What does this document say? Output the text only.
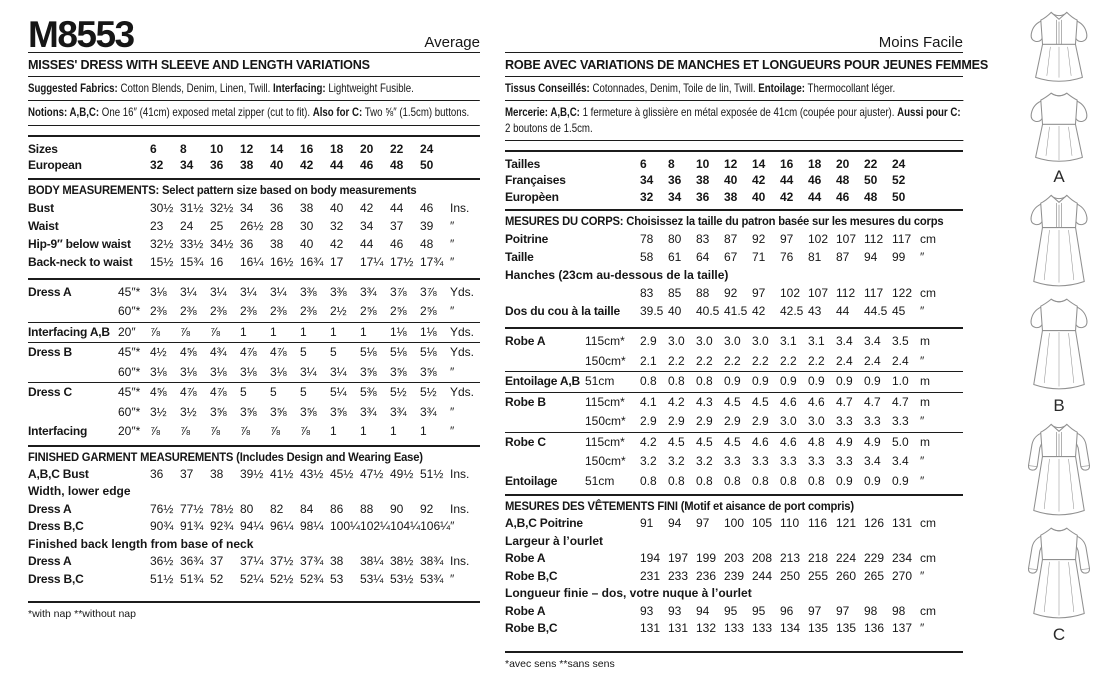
M8553	Average
MISSES' DRESS WITH SLEEVE AND LENGTH VARIATIONS
Suggested Fabrics: Cotton Blends, Denim, Linen, Twill. Interfacing: Lightweight Fusible.
Notions: A,B,C: One 16″ (41cm) exposed metal zipper (cut to fit). Also for C: Two ⅝″ (1.5cm) buttons.
Sizes	6	8	10	12	14	16	18	20	22	24
European	32	34	36	38	40	42	44	46	48	50
BODY MEASUREMENTS: Select pattern size based on body measurements
Bust	30½ 31½ 32½ 34	36	38	40	42	44	46	Ins.
Waist	23	24	25	26½ 28	30	32	34	37	39	″
Hip-9″ below waist	32½ 33½ 34½ 36	38	40	42	44	46	48	″
Back-neck to waist	15½ 15¾ 16	16¼ 16½ 16¾ 17	17¼ 17½ 17¾ ″
Dress A	45″* 3⅛	3¼	3¼	3¼	3¼	3⅜	3⅜	3¾	3⅞	3⅞	Yds.
60″* 2⅜	2⅜	2⅜	2⅜	2⅜	2⅜	2½	2⅝	2⅝	2⅝	″
Interfacing A,B 20″	⅞	⅞	⅞	1	1	1	1	1	1⅛	1⅛	Yds.
Dress B	45″* 4½	4⅝	4¾	4⅞	4⅞	5	5	5⅛	5⅛	5⅛	Yds.
60″* 3⅛	3⅛	3⅛	3⅛	3⅛	3¼	3¼	3⅝	3⅝	3⅝	″
Dress C	45″* 4⅝	4⅞	4⅞	5	5	5	5¼	5⅜	5½	5½	Yds.
60″* 3½	3½	3⅝	3⅝	3⅝	3⅝	3⅝	3¾	3¾	3¾	″
Interfacing	20″* ⅞	⅞	⅞	⅞	⅞	⅞	1	1	1	1	″
FINISHED GARMENT MEASUREMENTS (Includes Design and Wearing Ease)
A,B,C Bust	36	37	38	39½ 41½ 43½ 45½ 47½ 49½ 51½ Ins.
Width, lower edge
Dress A	76½ 77½ 78½ 80	82	84	86	88	90	92	Ins.
Dress B,C	90¾ 91¾ 92¾ 94¼ 96¼ 98¼ 100¼ 102¼ 104¼ 106¼ ″
Finished back length from base of neck
Dress A	36½ 36¾ 37	37¼ 37½ 37¾ 38	38¼ 38½ 38¾ Ins.
Dress B,C	51½ 51¾ 52	52¼ 52½ 52¾ 53	53¼ 53½ 53¾ ″
*with nap **without nap
Moins Facile
ROBE AVEC VARIATIONS DE MANCHES ET LONGUEURS POUR JEUNES FEMMES
Tissus Conseillés: Cotonnades, Denim, Toile de lin, Twill. Entoilage: Thermocollant léger.
Mercerie: A,B,C: 1 fermeture à glissière en métal exposée de 41cm (coupée pour ajuster). Aussi pour C: 2 boutons de 1.5cm.
Tailles	6	8	10	12	14	16	18	20	22	24
Françaises	34	36	38	40	42	44	46	48	50	52
Europèen	32	34	36	38	40	42	44	46	48	50
MESURES DU CORPS: Choisissez la taille du patron basée sur les mesures du corps
Poitrine	78	80	83	87	92	97	102 107 112 117 cm
Taille	58	61	64	67	71	76	81	87	94	99	″
Hanches (23cm au-dessous de la taille)
83	85	88	92	97	102 107 112 117 122 cm
Dos du cou à la taille	39.5 40	40.5 41.5 42	42.5 43	44	44.5 45	″
Robe A	115cm*	2.9 3.0 3.0 3.0 3.0 3.1 3.1 3.4 3.4 3.5 m
150cm*	2.1 2.2 2.2 2.2 2.2 2.2 2.2 2.4 2.4 2.4 ″
Entoilage A,B 51cm	0.8 0.8 0.8 0.9 0.9 0.9 0.9 0.9 0.9 1.0 m
Robe B	115cm*	4.1 4.2 4.3 4.5 4.5 4.6 4.6 4.7 4.7 4.7 m
150cm*	2.9 2.9 2.9 2.9 2.9 3.0 3.0 3.3 3.3 3.3 ″
Robe C	115cm*	4.2 4.5 4.5 4.5 4.6 4.6 4.8 4.9 4.9 5.0 m
150cm*	3.2 3.2 3.2 3.3 3.3 3.3 3.3 3.3 3.4 3.4 ″
Entoilage	51cm	0.8 0.8 0.8 0.8 0.8 0.8 0.8 0.9 0.9 0.9 ″
MESURES DES VÊTEMENTS FINI (Motif et aisance de port compris)
A,B,C Poitrine	91	94	97	100 105 110 116 121 126 131 cm
Largeur à l’ourlet
Robe A	194 197 199 203 208 213 218 224 229 234 cm
Robe B,C	231 233 236 239 244 250 255 260 265 270 ″
Longueur finie – dos, votre nuque à l’ourlet
Robe A	93	93	94	95	95	96	97	97	98	98	cm
Robe B,C	131 131 132 133 133 134 135 135 136 137 ″
*avec sens **sans sens
A
B
C
